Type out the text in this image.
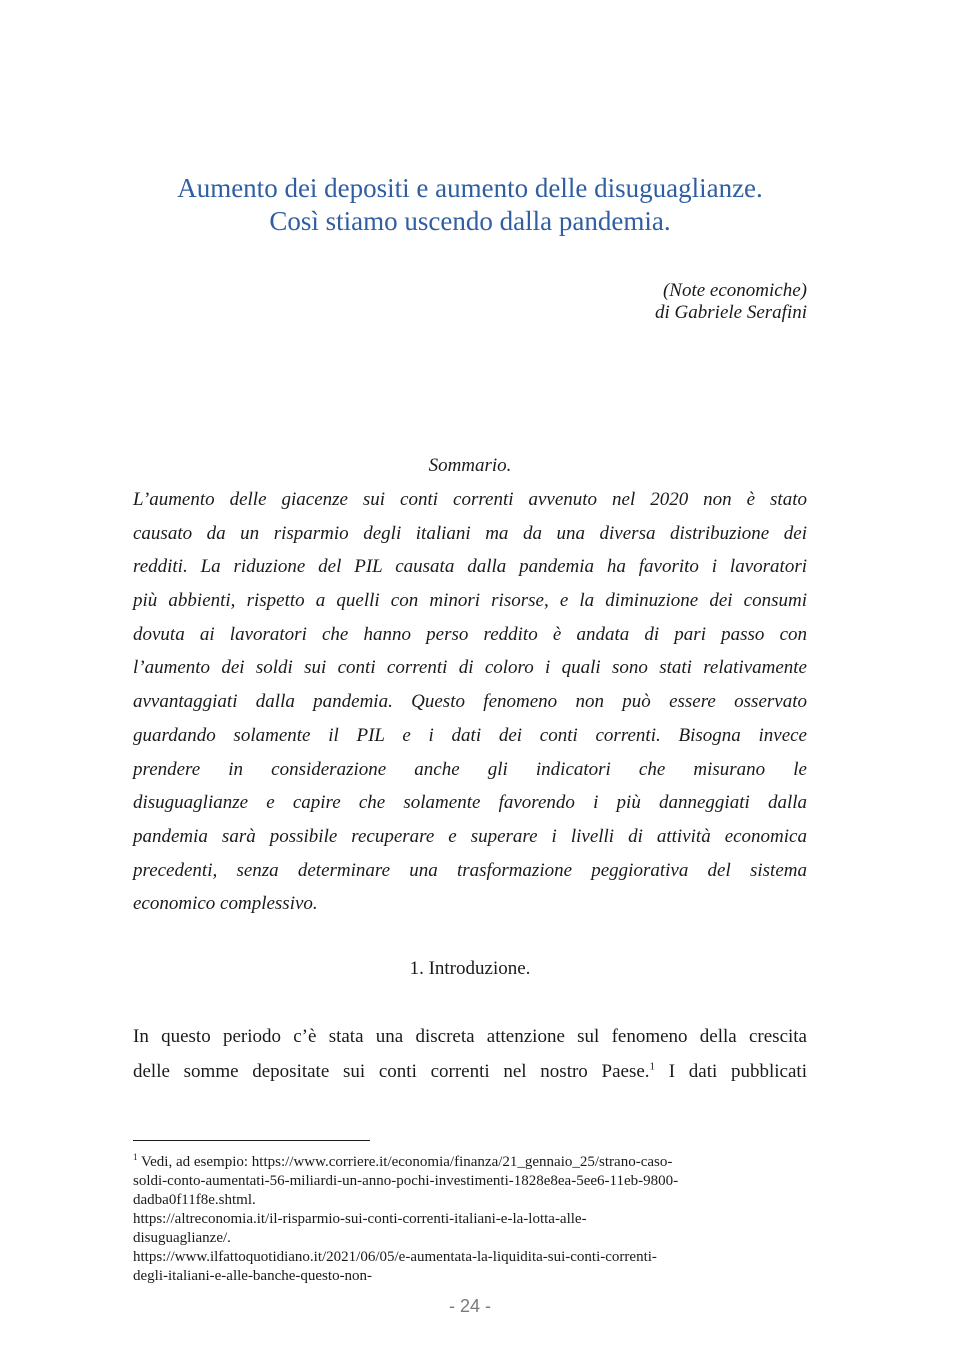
Aumento dei depositi e aumento delle disuguaglianze.
Così stiamo uscendo dalla pandemia.
(Note economiche)
di Gabriele Serafini
Sommario.
L’aumento delle giacenze sui conti correnti avvenuto nel 2020 non è stato
causato da un risparmio degli italiani ma da una diversa distribuzione dei
redditi. La riduzione del PIL causata dalla pandemia ha favorito i lavoratori
più abbienti, rispetto a quelli con minori risorse, e la diminuzione dei consumi
dovuta ai lavoratori che hanno perso reddito è andata di pari passo con
l’aumento dei soldi sui conti correnti di coloro i quali sono stati relativamente
avvantaggiati dalla pandemia. Questo fenomeno non può essere osservato
guardando solamente il PIL e i dati dei conti correnti. Bisogna invece
prendere in considerazione anche gli indicatori che misurano le
disuguaglianze e capire che solamente favorendo i più danneggiati dalla
pandemia sarà possibile recuperare e superare i livelli di attività economica
precedenti, senza determinare una trasformazione peggiorativa del sistema
economico complessivo.
1. Introduzione.
In questo periodo c’è stata una discreta attenzione sul fenomeno della crescita
delle somme depositate sui conti correnti nel nostro Paese.$^1$ I dati pubblicati
$^1$ Vedi, ad esempio: https://www.corriere.it/economia/finanza/21_gennaio_25/strano-caso-
soldi-conto-aumentati-56-miliardi-un-anno-pochi-investimenti-1828e8ea-5ee6-11eb-9800-
dadba0f11f8e.shtml.
https://altreconomia.it/il-risparmio-sui-conti-correnti-italiani-e-la-lotta-alle-
disuguaglianze/.
https://www.ilfattoquotidiano.it/2021/06/05/e-aumentata-la-liquidita-sui-conti-correnti-
degli-italiani-e-alle-banche-questo-non-
- 24 -
